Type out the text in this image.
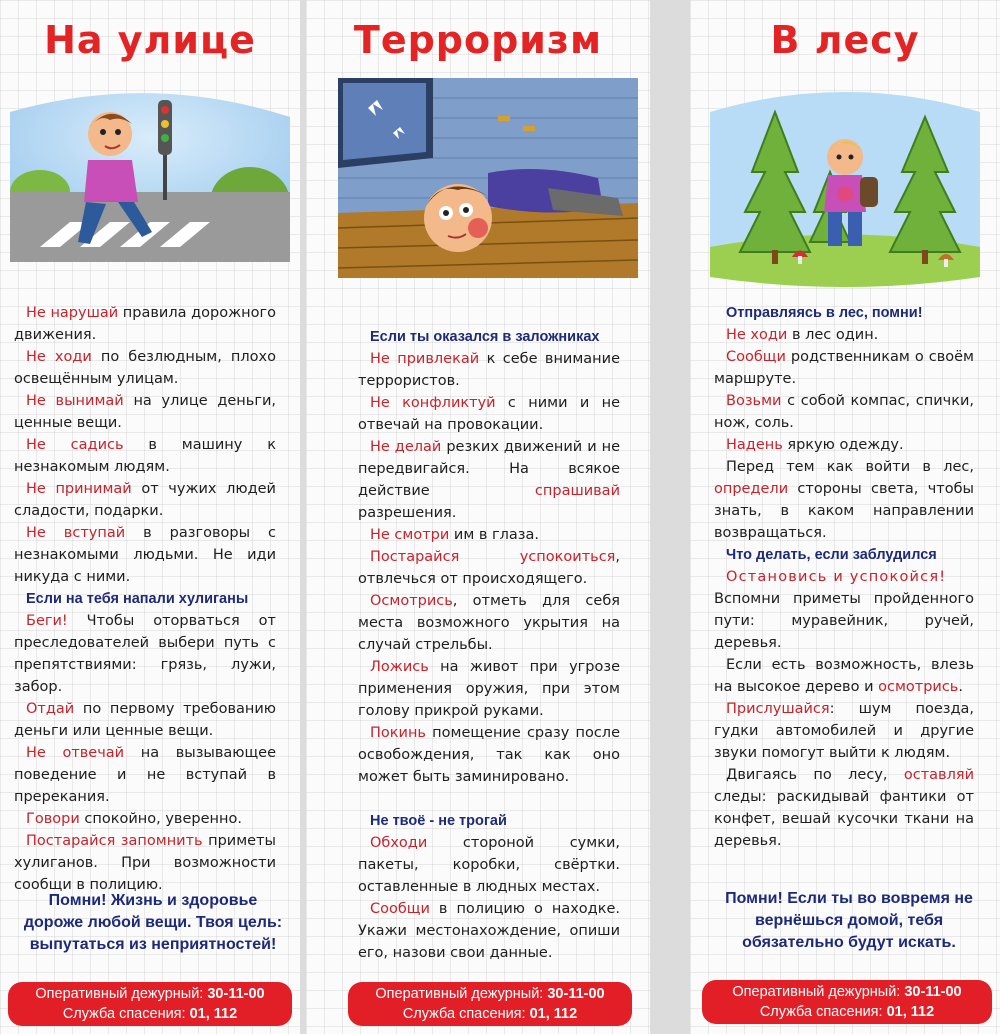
На улице

Не нарушай правила дорожного движения.

Не ходи по безлюдным, плохо освещённым улицам.

Не вынимай на улице деньги, ценные вещи.

Не садись в машину к незнакомым людям.

Не принимай от чужих людей сладости, подарки.

Не вступай в разговоры с незнакомыми людьми. Не иди никуда с ними.

Если на тебя напали хулиганы

Беги! Чтобы оторваться от преследователей выбери путь с препятствиями: грязь, лужи, забор.

Отдай по первому требованию деньги или ценные вещи.

Не отвечай на вызывающее поведение и не вступай в пререкания.

Говори спокойно, уверенно.

Постарайся запомнить приметы хулиганов. При возможности сообщи в полицию.

Помни! Жизнь и здоровье дороже любой вещи. Твоя цель: выпутаться из неприятностей!
Оперативный дежурный: 30-11-00
Служба спасения: 01, 112
Терроризм

Если ты оказался в заложниках

Не привлекай к себе внимание террористов.

Не конфликтуй с ними и не отвечай на провокации.

Не делай резких движений и не передвигайся. На всякое действие спрашивай разрешения.

Не смотри им в глаза.

Постарайся успокоиться, отвлечься от происходящего.

Осмотрись, отметь для себя места возможного укрытия на случай стрельбы.

Ложись на живот при угрозе применения оружия, при этом голову прикрой руками.

Покинь помещение сразу после освобождения, так как оно может быть заминировано.

Не твоё - не трогай

Обходи стороной сумки, пакеты, коробки, свёртки. оставленные в людных местах.

Сообщи в полицию о находке. Укажи местонахождение, опиши его, назови свои данные.

Оперативный дежурный: 30-11-00
Служба спасения: 01, 112
В лесу

Отправляясь в лес, помни!

Не ходи в лес один.

Сообщи родственникам о своём маршруте.

Возьми с собой компас, спички, нож, соль.

Надень яркую одежду.

Перед тем как войти в лес, определи стороны света, чтобы знать, в каком направлении возвращаться.

Что делать, если заблудился

Остановись и успокойся!

Вспомни приметы пройденного пути: муравейник, ручей, деревья.

Если есть возможность, влезь на высокое дерево и осмотрись.

Прислушайся: шум поезда, гудки автомобилей и другие звуки помогут выйти к людям.

Двигаясь по лесу, оставляй следы: раскидывай фантики от конфет, вешай кусочки ткани на деревья.

Помни! Если ты во вовремя не вернёшься домой, тебя обязательно будут искать.
Оперативный дежурный: 30-11-00
Служба спасения: 01, 112
